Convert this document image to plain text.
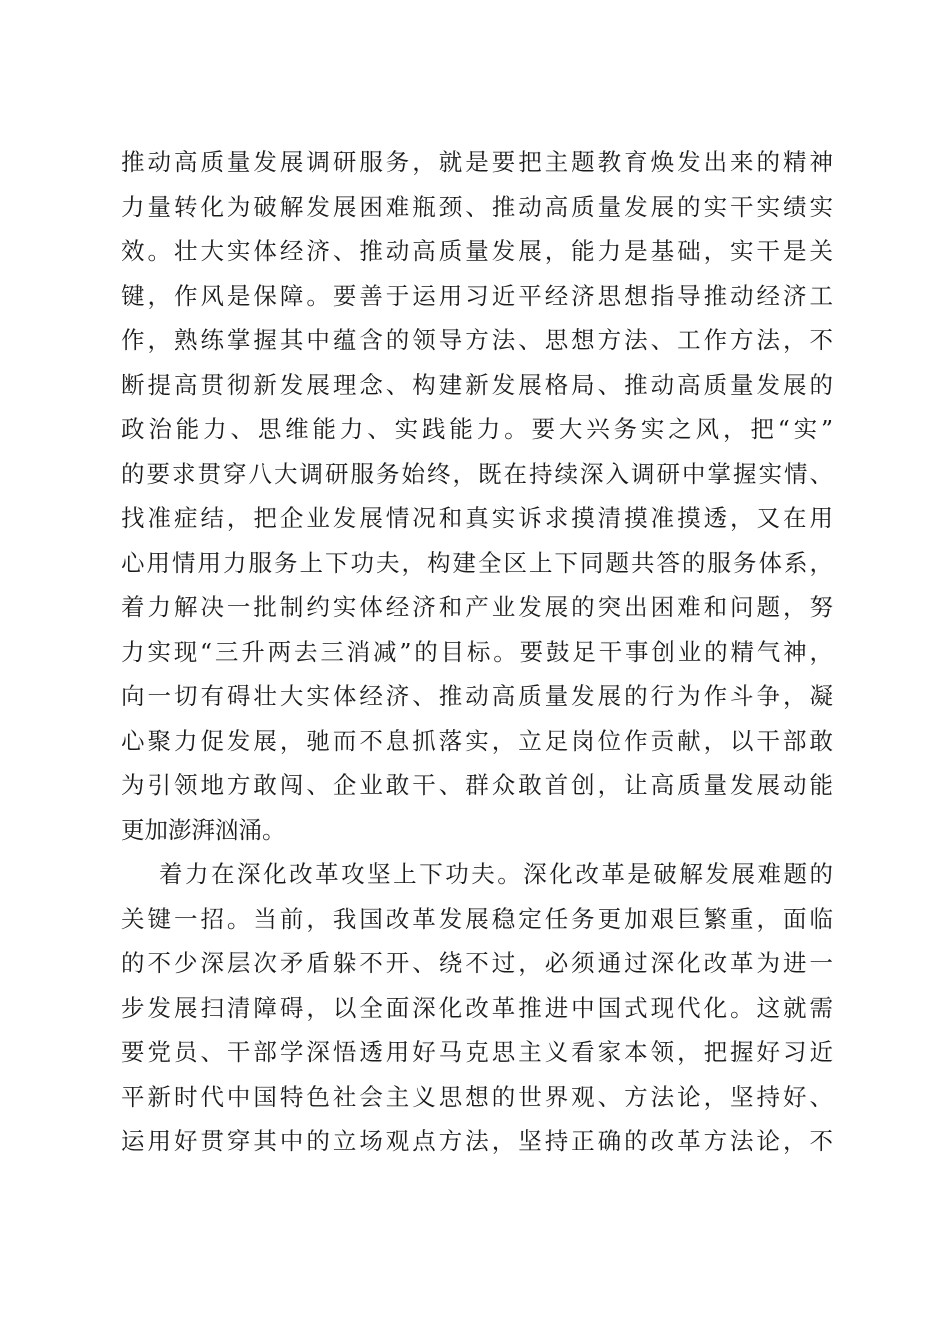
推动高质量发展调研服务，就是要把主题教育焕发出来的精神
力量转化为破解发展困难瓶颈、推动高质量发展的实干实绩实
效。壮大实体经济、推动高质量发展，能力是基础，实干是关
键，作风是保障。要善于运用习近平经济思想指导推动经济工
作，熟练掌握其中蕴含的领导方法、思想方法、工作方法，不
断提高贯彻新发展理念、构建新发展格局、推动高质量发展的
政治能力、思维能力、实践能力。要大兴务实之风，把“实”
的要求贯穿八大调研服务始终，既在持续深入调研中掌握实情、
找准症结，把企业发展情况和真实诉求摸清摸准摸透，又在用
心用情用力服务上下功夫，构建全区上下同题共答的服务体系，
着力解决一批制约实体经济和产业发展的突出困难和问题，努
力实现“三升两去三消减”的目标。要鼓足干事创业的精气神，
向一切有碍壮大实体经济、推动高质量发展的行为作斗争，凝
心聚力促发展，驰而不息抓落实，立足岗位作贡献，以干部敢
为引领地方敢闯、企业敢干、群众敢首创，让高质量发展动能
更加澎湃汹涌。
着力在深化改革攻坚上下功夫。深化改革是破解发展难题的
关键一招。当前，我国改革发展稳定任务更加艰巨繁重，面临
的不少深层次矛盾躲不开、绕不过，必须通过深化改革为进一
步发展扫清障碍，以全面深化改革推进中国式现代化。这就需
要党员、干部学深悟透用好马克思主义看家本领，把握好习近
平新时代中国特色社会主义思想的世界观、方法论，坚持好、
运用好贯穿其中的立场观点方法，坚持正确的改革方法论，不
